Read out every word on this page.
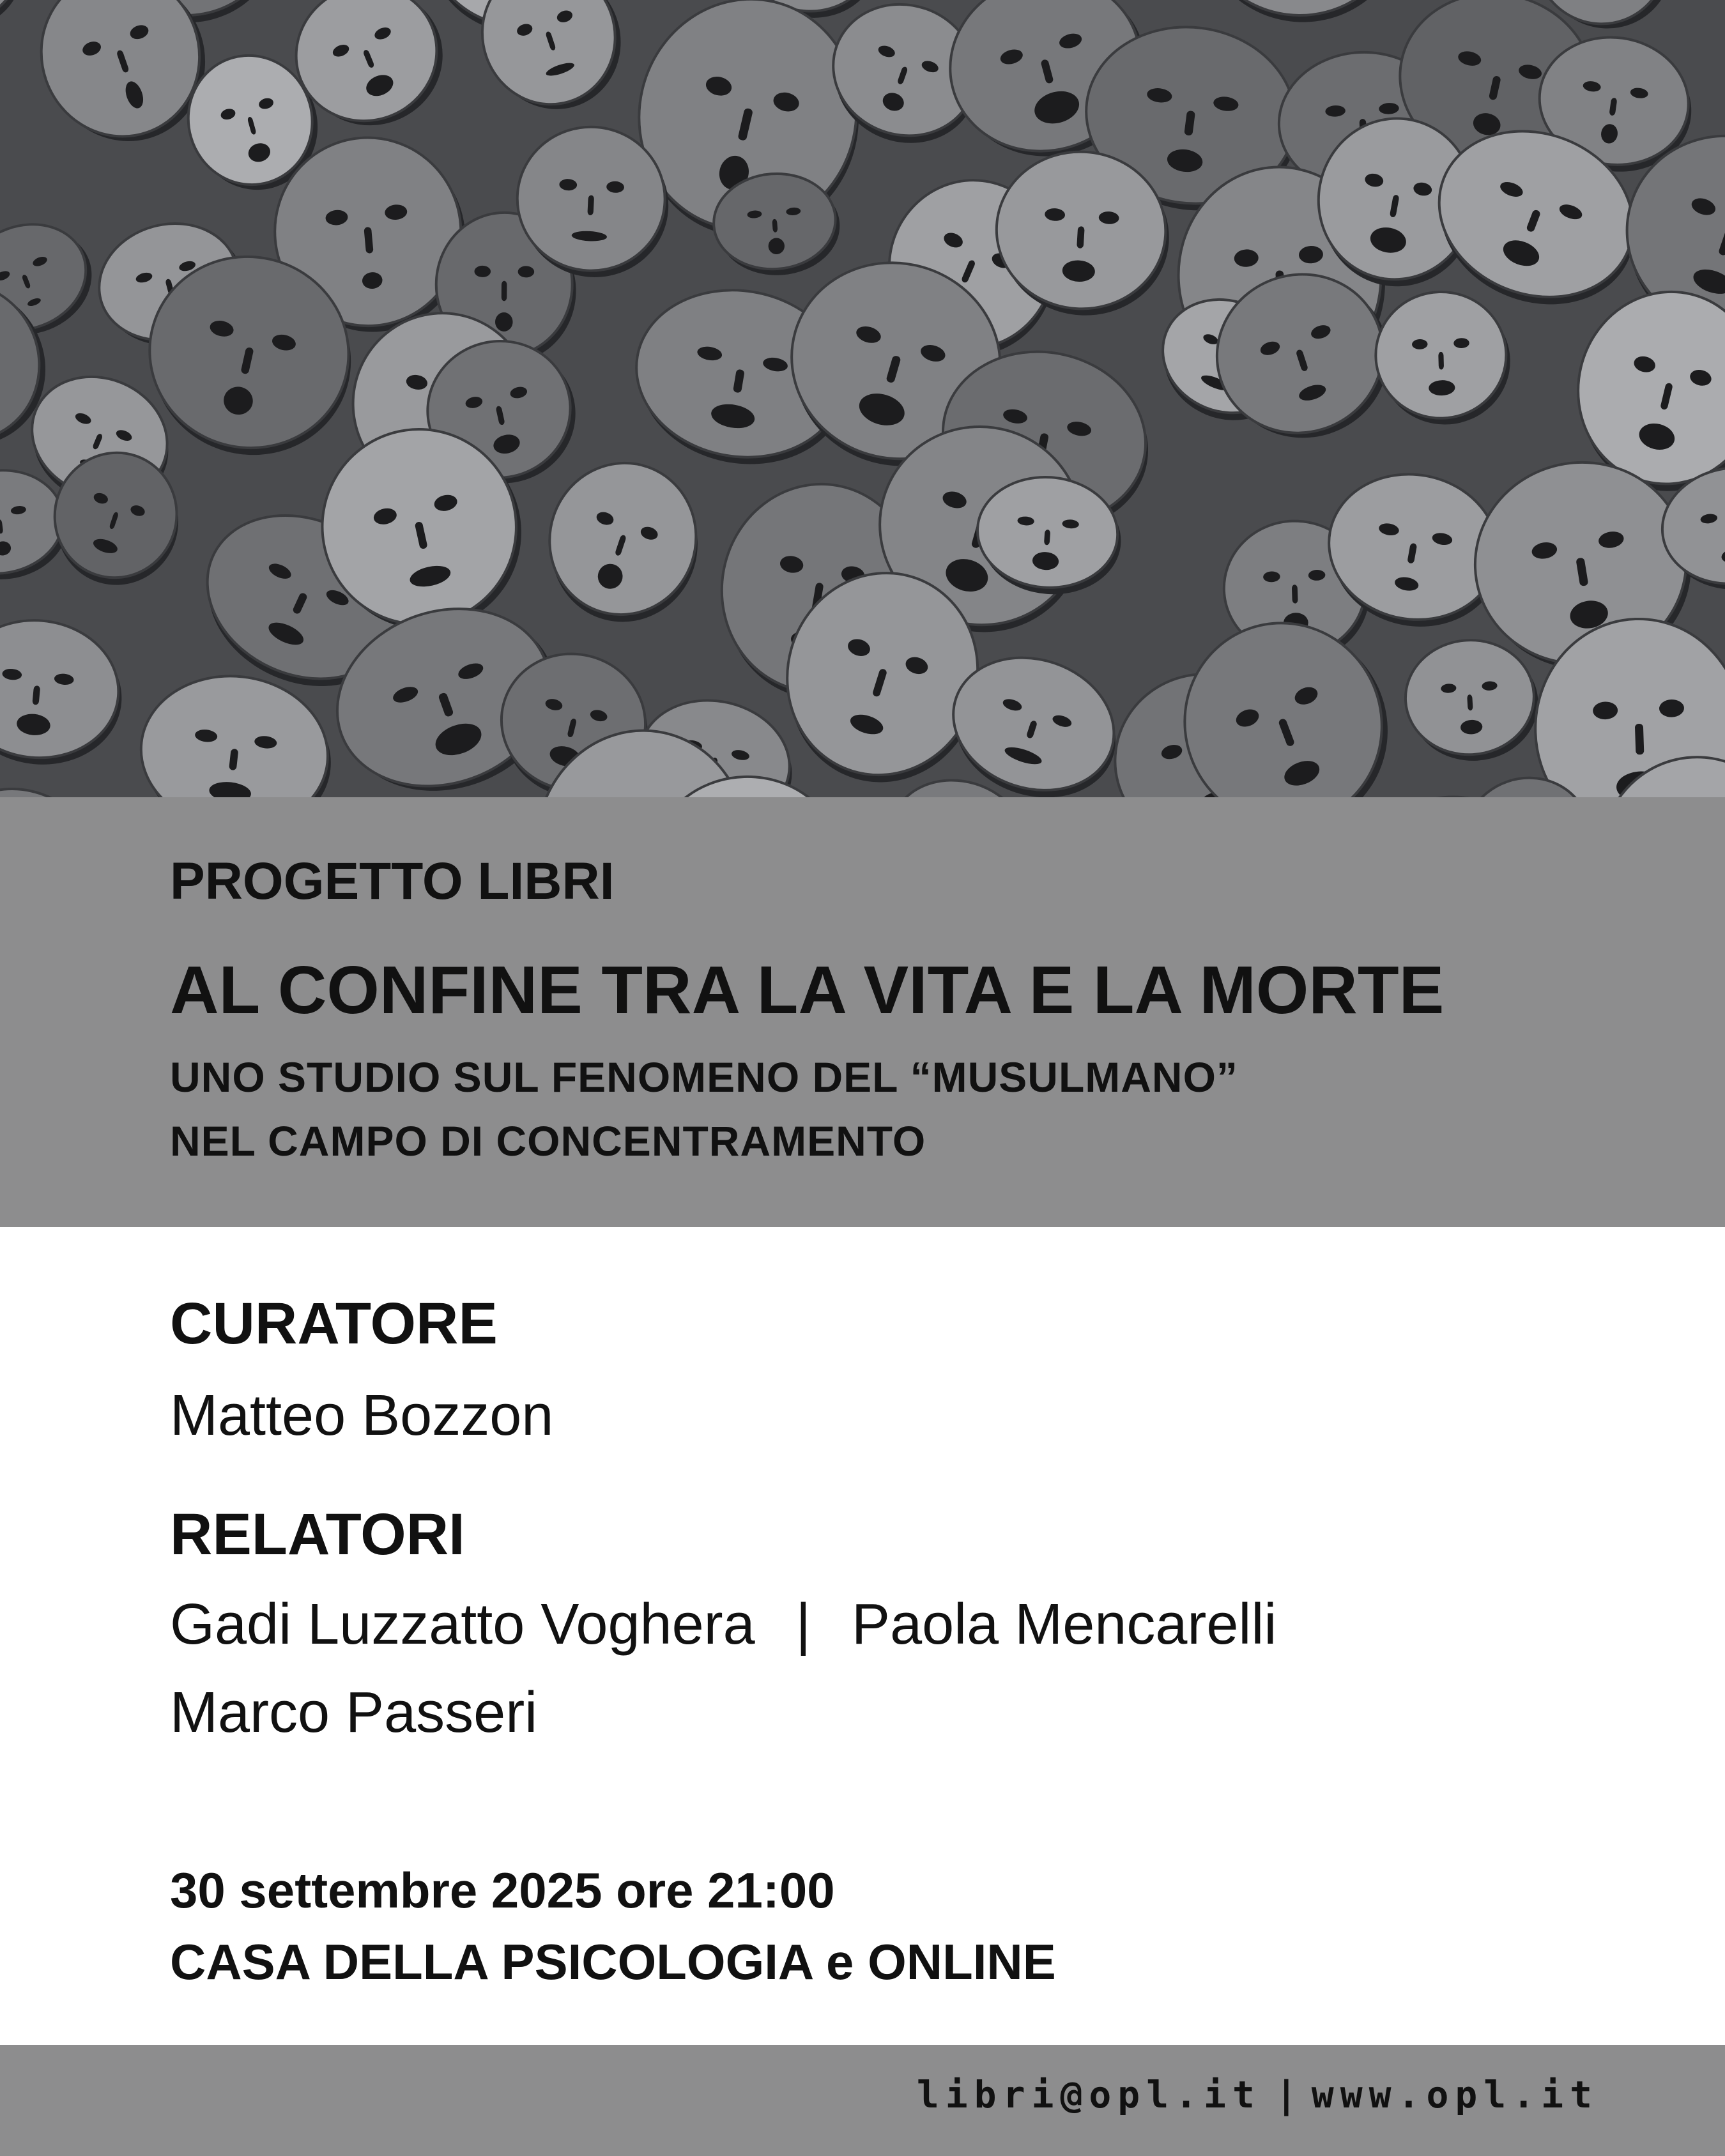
PROGETTO LIBRI
AL CONFINE TRA LA VITA E LA MORTE

UNO STUDIO SUL FENOMENO DEL “MUSULMANO”
NEL CAMPO DI CONCENTRAMENTO

CURATORE

Matteo Bozzon

RELATORI

Gadi Luzzatto Voghera | Paola Mencarelli

Marco Passeri

30 settembre 2025 ore 21:00
CASA DELLA PSICOLOGIA e ONLINE

libri@opl.it | www.opl.it
